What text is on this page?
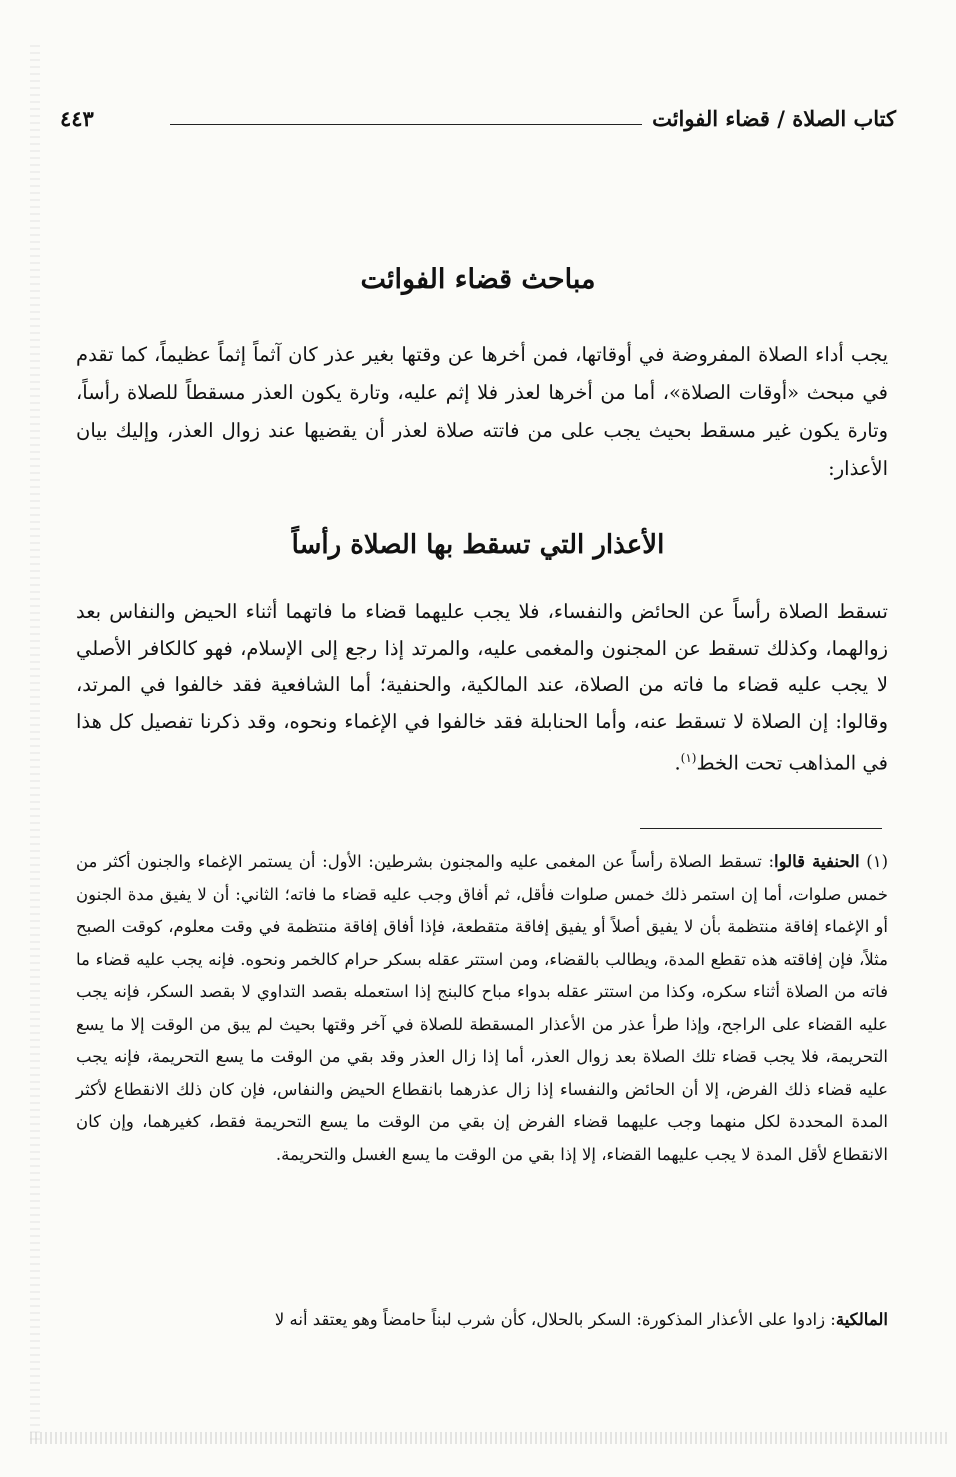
كتاب الصلاة / قضاء الفوائت
٤٤٣
مباحث قضاء الفوائت

يجب أداء الصلاة المفروضة في أوقاتها، فمن أخرها عن وقتها بغير عذر كان آثماً إثماً عظيماً، كما تقدم في مبحث «أوقات الصلاة»، أما من أخرها لعذر فلا إثم عليه، وتارة يكون العذر مسقطاً للصلاة رأساً، وتارة يكون غير مسقط بحيث يجب على من فاتته صلاة لعذر أن يقضيها عند زوال العذر، وإليك بيان الأعذار:

الأعذار التي تسقط بها الصلاة رأساً

تسقط الصلاة رأساً عن الحائض والنفساء، فلا يجب عليهما قضاء ما فاتهما أثناء الحيض والنفاس بعد زوالهما، وكذلك تسقط عن المجنون والمغمى عليه، والمرتد إذا رجع إلى الإسلام، فهو كالكافر الأصلي لا يجب عليه قضاء ما فاته من الصلاة، عند المالكية، والحنفية؛ أما الشافعية فقد خالفوا في المرتد، وقالوا: إن الصلاة لا تسقط عنه، وأما الحنابلة فقد خالفوا في الإغماء ونحوه، وقد ذكرنا تفصيل كل هذا في المذاهب تحت الخط$^{(١)}$.

(١) الحنفية قالوا: تسقط الصلاة رأساً عن المغمى عليه والمجنون بشرطين: الأول: أن يستمر الإغماء والجنون أكثر من خمس صلوات، أما إن استمر ذلك خمس صلوات فأقل، ثم أفاق وجب عليه قضاء ما فاته؛ الثاني: أن لا يفيق مدة الجنون أو الإغماء إفاقة منتظمة بأن لا يفيق أصلاً أو يفيق إفاقة متقطعة، فإذا أفاق إفاقة منتظمة في وقت معلوم، كوقت الصبح مثلاً، فإن إفاقته هذه تقطع المدة، ويطالب بالقضاء، ومن استتر عقله بسكر حرام كالخمر ونحوه. فإنه يجب عليه قضاء ما فاته من الصلاة أثناء سكره، وكذا من استتر عقله بدواء مباح كالبنج إذا استعمله بقصد التداوي لا بقصد السكر، فإنه يجب عليه القضاء على الراجح، وإذا طرأ عذر من الأعذار المسقطة للصلاة في آخر وقتها بحيث لم يبق من الوقت إلا ما يسع التحريمة، فلا يجب قضاء تلك الصلاة بعد زوال العذر، أما إذا زال العذر وقد بقي من الوقت ما يسع التحريمة، فإنه يجب عليه قضاء ذلك الفرض، إلا أن الحائض والنفساء إذا زال عذرهما بانقطاع الحيض والنفاس، فإن كان ذلك الانقطاع لأكثر المدة المحددة لكل منهما وجب عليهما قضاء الفرض إن بقي من الوقت ما يسع التحريمة فقط، كغيرهما، وإن كان الانقطاع لأقل المدة لا يجب عليهما القضاء، إلا إذا بقي من الوقت ما يسع الغسل والتحريمة.

المالكية: زادوا على الأعذار المذكورة: السكر بالحلال، كأن شرب لبناً حامضاً وهو يعتقد أنه لا
